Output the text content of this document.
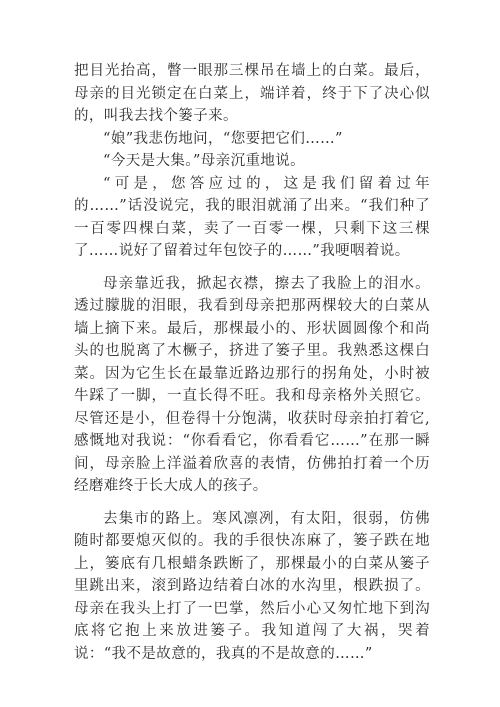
把目光抬高，瞥一眼那三棵吊在墙上的白菜。最后，母亲的目光锁定在白菜上，端详着，终于下了决心似的，叫我去找个篓子来。

“娘”我悲伤地问，“您要把它们……”

“今天是大集。”母亲沉重地说。

“可是，您答应过的，这是我们留着过年的……”话没说完，我的眼泪就涌了出来。“我们种了一百零四棵白菜，卖了一百零一棵，只剩下这三棵了……说好了留着过年包饺子的……”我哽咽着说。

母亲靠近我，掀起衣襟，擦去了我脸上的泪水。透过朦胧的泪眼，我看到母亲把那两棵较大的白菜从墙上摘下来。最后，那棵最小的、形状圆圆像个和尚头的也脱离了木橛子，挤进了篓子里。我熟悉这棵白菜。因为它生长在最靠近路边那行的拐角处，小时被牛踩了一脚，一直长得不旺。我和母亲格外关照它。尽管还是小，但卷得十分饱满，收获时母亲拍打着它,感慨地对我说：“你看看它，你看看它……”在那一瞬间，母亲脸上洋溢着欣喜的表情，仿佛拍打着一个历经磨难终于长大成人的孩子。

去集市的路上。寒风凛冽，有太阳，很弱，仿佛随时都要熄灭似的。我的手很快冻麻了，篓子跌在地上，篓底有几根蜡条跌断了，那棵最小的白菜从篓子里跳出来，滚到路边结着白冰的水沟里，根跌损了。母亲在我头上打了一巴掌，然后小心又匆忙地下到沟底将它抱上来放进篓子。我知道闯了大祸，哭着说：“我不是故意的，我真的不是故意的……”
